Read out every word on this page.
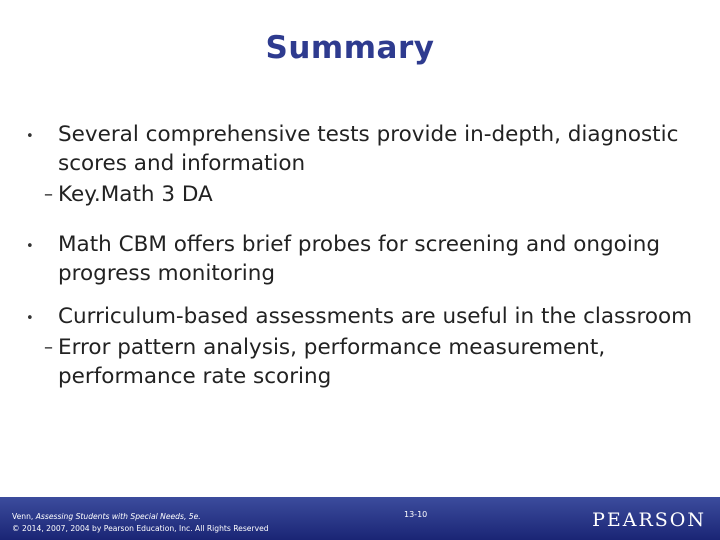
Summary
• Several comprehensive tests provide in-depth, diagnostic scores and information
– Key.Math 3 DA
• Math CBM offers brief probes for screening and ongoing progress monitoring
• Curriculum-based assessments are useful in the classroom
– Error pattern analysis, performance measurement, performance rate scoring
Venn, Assessing Students with Special Needs, 5e.
© 2014, 2007, 2004 by Pearson Education, Inc. All Rights Reserved
13-10	PEARSON
